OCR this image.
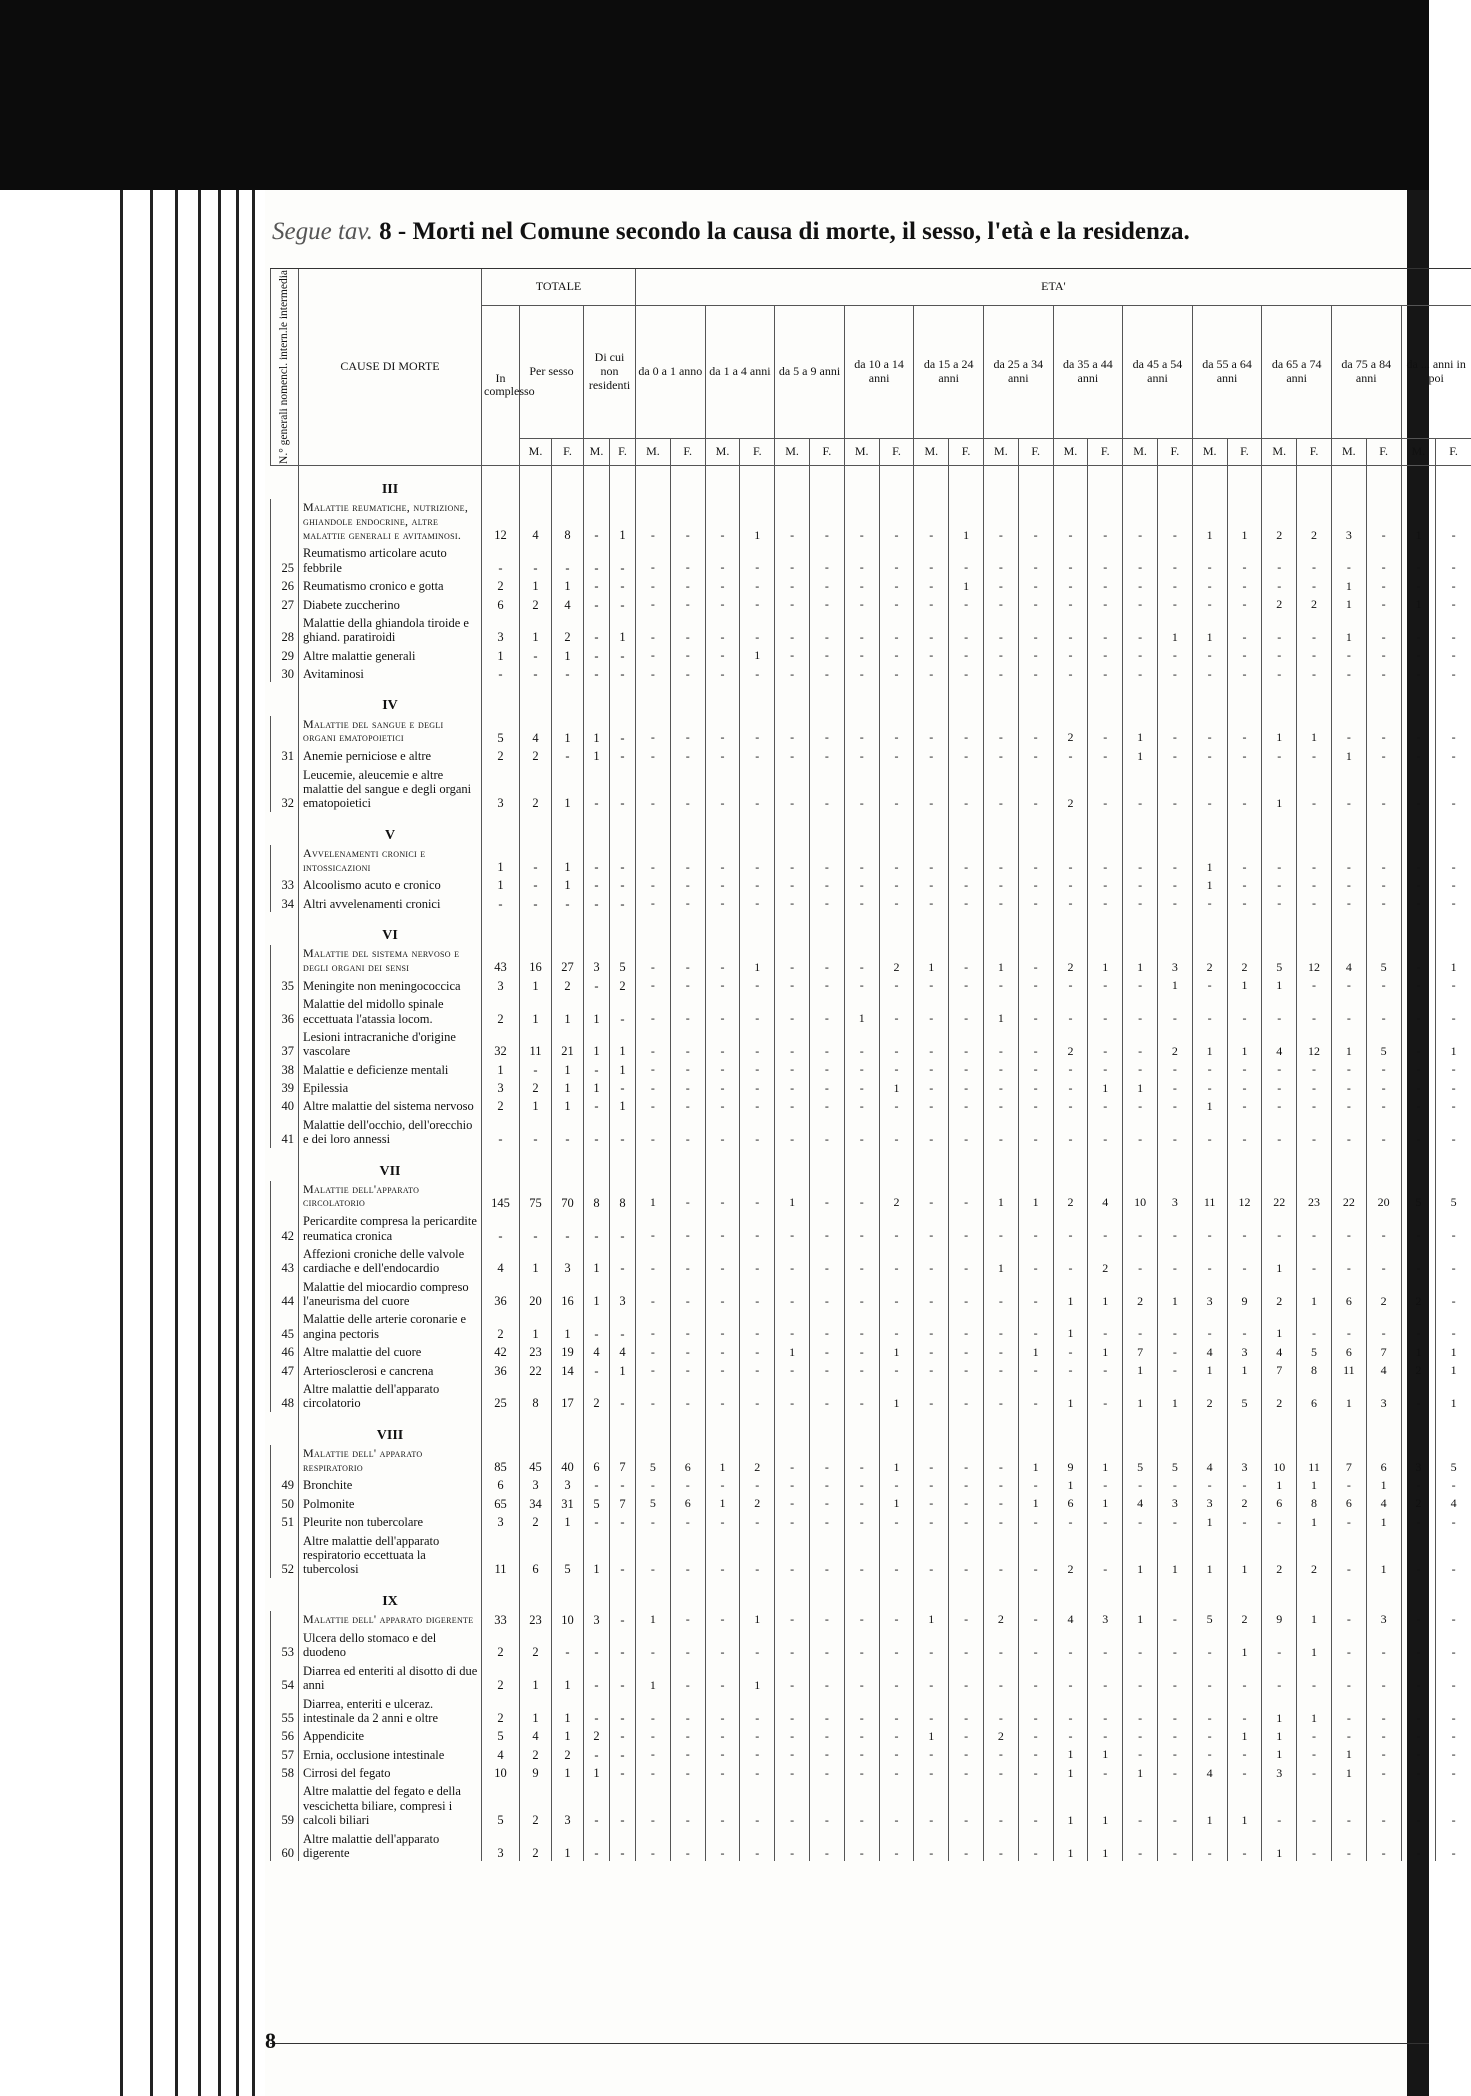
Segue tav. 8 - Morti nel Comune secondo la causa di morte, il sesso, l'età e la residenza.
N.° generali nomencl. intern.le intermedia	CAUSE DI MORTE	TOTALE					ETA'																							
		In complesso	Per sesso		Di cui non residenti		da 0 a 1 anno		da 1 a 4 anni		da 5 a 9 anni		da 10 a 14 anni		da 15 a 24 anni		da 25 a 34 anni		da 35 a 44 anni		da 45 a 54 anni		da 55 a 64 anni		da 65 a 74 anni		da 75 a 84 anni		da ... anni in poi	
			M.	F.	M.	F.	M.	F.	M.	F.	M.	F.	M.	F.	M.	F.	M.	F.	M.	F.	M.	F.	M.	F.	M.	F.	M.	F.	M.	F.
	III																													
	Malattie reumatiche, nutrizione, ghiandole endocrine, altre malattie generali e avitaminosi.	12	4	8	-	1	-	-	-	1	-	-	-	-	-	1	-	-	-	-	-	-	1	1	2	2	3	-	1	-
25	Reumatismo articolare acuto febbrile	-	-	-	-	-	-	-	-	-	-	-	-	-	-	-	-	-	-	-	-	-	-	-	-	-	-	-	-	-
26	Reumatismo cronico e gotta	2	1	1	-	-	-	-	-	-	-	-	-	-	-	1	-	-	-	-	-	-	-	-	-	-	1	-	-	-
27	Diabete zuccherino	6	2	4	-	-	-	-	-	-	-	-	-	-	-	-	-	-	-	-	-	-	-	-	2	2	1	-	1	-
28	Malattie della ghiandola tiroide e ghiand. paratiroidi	3	1	2	-	1	-	-	-	-	-	-	-	-	-	-	-	-	-	-	-	1	1	-	-	-	1	-	-	-
29	Altre malattie generali	1	-	1	-	-	-	-	-	1	-	-	-	-	-	-	-	-	-	-	-	-	-	-	-	-	-	-	-	-
30	Avitaminosi	-	-	-	-	-	-	-	-	-	-	-	-	-	-	-	-	-	-	-	-	-	-	-	-	-	-	-	-	-
	IV																													
	Malattie del sangue e degli organi ematopoietici	5	4	1	1	-	-	-	-	-	-	-	-	-	-	-	-	-	2	-	1	-	-	-	1	1	-	-	-	-
31	Anemie perniciose e altre	2	2	-	1	-	-	-	-	-	-	-	-	-	-	-	-	-	-	-	1	-	-	-	-	-	1	-	-	-
32	Leucemie, aleucemie e altre malattie del sangue e degli organi ematopoietici	3	2	1	-	-	-	-	-	-	-	-	-	-	-	-	-	-	2	-	-	-	-	-	1	-	-	-	-	-
	V																													
	Avvelenamenti cronici e intossicazioni	1	-	1	-	-	-	-	-	-	-	-	-	-	-	-	-	-	-	-	-	-	1	-	-	-	-	-	-	-
33	Alcoolismo acuto e cronico	1	-	1	-	-	-	-	-	-	-	-	-	-	-	-	-	-	-	-	-	-	1	-	-	-	-	-	-	-
34	Altri avvelenamenti cronici	-	-	-	-	-	-	-	-	-	-	-	-	-	-	-	-	-	-	-	-	-	-	-	-	-	-	-	-	-
	VI																													
	Malattie del sistema nervoso e degli organi dei sensi	43	16	27	3	5	-	-	-	1	-	-	-	2	1	-	1	-	2	1	1	3	2	2	5	12	4	5	-	1
35	Meningite non meningococcica	3	1	2	-	2	-	-	-	-	-	-	-	-	-	-	-	-	-	-	-	1	-	1	1	-	-	-	-	-
36	Malattie del midollo spinale eccettuata l'atassia locom.	2	1	1	1	-	-	-	-	-	-	-	1	-	-	-	1	-	-	-	-	-	-	-	-	-	-	-	-	-
37	Lesioni intracraniche d'origine vascolare	32	11	21	1	1	-	-	-	-	-	-	-	-	-	-	-	-	2	-	-	2	1	1	4	12	1	5	-	1
38	Malattie e deficienze mentali	1	-	1	-	1	-	-	-	-	-	-	-	-	-	-	-	-	-	-	-	-	-	-	-	-	-	-	-	-
39	Epilessia	3	2	1	1	-	-	-	-	-	-	-	-	1	-	-	-	-	-	1	1	-	-	-	-	-	-	-	-	-
40	Altre malattie del sistema nervoso	2	1	1	-	1	-	-	-	-	-	-	-	-	-	-	-	-	-	-	-	-	1	-	-	-	-	-	-	-
41	Malattie dell'occhio, dell'orecchio e dei loro annessi	-	-	-	-	-	-	-	-	-	-	-	-	-	-	-	-	-	-	-	-	-	-	-	-	-	-	-	-	-
	VII																													
	Malattie dell'apparato circolatorio	145	75	70	8	8	1	-	-	-	1	-	-	2	-	-	1	1	2	4	10	3	11	12	22	23	22	20	5	5
42	Pericardite compresa la pericardite reumatica cronica	-	-	-	-	-	-	-	-	-	-	-	-	-	-	-	-	-	-	-	-	-	-	-	-	-	-	-	-	-
43	Affezioni croniche delle valvole cardiache e dell'endocardio	4	1	3	1	-	-	-	-	-	-	-	-	-	-	-	1	-	-	2	-	-	-	-	1	-	-	-	-	-
44	Malattie del miocardio compreso l'aneurisma del cuore	36	20	16	1	3	-	-	-	-	-	-	-	-	-	-	-	-	1	1	2	1	3	9	2	1	6	2	2	-
45	Malattie delle arterie coronarie e angina pectoris	2	1	1	-	-	-	-	-	-	-	-	-	-	-	-	-	-	1	-	-	-	-	-	1	-	-	-	-	-
46	Altre malattie del cuore	42	23	19	4	4	-	-	-	-	1	-	-	1	-	-	-	1	-	1	7	-	4	3	4	5	6	7	1	1
47	Arteriosclerosi e cancrena	36	22	14	-	1	-	-	-	-	-	-	-	-	-	-	-	-	-	-	1	-	1	1	7	8	11	4	2	1
48	Altre malattie dell'apparato circolatorio	25	8	17	2	-	-	-	-	-	-	-	-	1	-	-	-	-	1	-	1	1	2	5	2	6	1	3	-	1
	VIII																													
	Malattie dell' apparato respiratorio	85	45	40	6	7	5	6	1	2	-	-	-	1	-	-	-	1	9	1	5	5	4	3	10	11	7	6	3	5
49	Bronchite	6	3	3	-	-	-	-	-	-	-	-	-	-	-	-	-	-	1	-	-	-	-	-	1	1	-	1	-	-
50	Polmonite	65	34	31	5	7	5	6	1	2	-	-	-	1	-	-	-	1	6	1	4	3	3	2	6	8	6	4	2	4
51	Pleurite non tubercolare	3	2	1	-	-	-	-	-	-	-	-	-	-	-	-	-	-	-	-	-	-	1	-	-	1	-	1	-	-
52	Altre malattie dell'apparato respiratorio eccettuata la tubercolosi	11	6	5	1	-	-	-	-	-	-	-	-	-	-	-	-	-	2	-	1	1	1	1	2	2	-	1	-	-
	IX																													
	Malattie dell' apparato digerente	33	23	10	3	-	1	-	-	1	-	-	-	-	1	-	2	-	4	3	1	-	5	2	9	1	-	3	-	-
53	Ulcera dello stomaco e del duodeno	2	2	-	-	-	-	-	-	-	-	-	-	-	-	-	-	-	-	-	-	-	-	1	-	1	-	-	-	-
54	Diarrea ed enteriti al disotto di due anni	2	1	1	-	-	1	-	-	1	-	-	-	-	-	-	-	-	-	-	-	-	-	-	-	-	-	-	-	-
55	Diarrea, enteriti e ulceraz. intestinale da 2 anni e oltre	2	1	1	-	-	-	-	-	-	-	-	-	-	-	-	-	-	-	-	-	-	-	-	1	1	-	-	-	-
56	Appendicite	5	4	1	2	-	-	-	-	-	-	-	-	-	1	-	2	-	-	-	-	-	-	1	1	-	-	-	-	-
57	Ernia, occlusione intestinale	4	2	2	-	-	-	-	-	-	-	-	-	-	-	-	-	-	1	1	-	-	-	-	1	-	1	-	-	-
58	Cirrosi del fegato	10	9	1	1	-	-	-	-	-	-	-	-	-	-	-	-	-	1	-	1	-	4	-	3	-	1	-	-	-
59	Altre malattie del fegato e della vescichetta biliare, compresi i calcoli biliari	5	2	3	-	-	-	-	-	-	-	-	-	-	-	-	-	-	1	1	-	-	1	1	-	-	-	-	-	-
60	Altre malattie dell'apparato digerente	3	2	1	-	-	-	-	-	-	-	-	-	-	-	-	-	-	1	1	-	-	-	-	1	-	-	-	-	-
8
